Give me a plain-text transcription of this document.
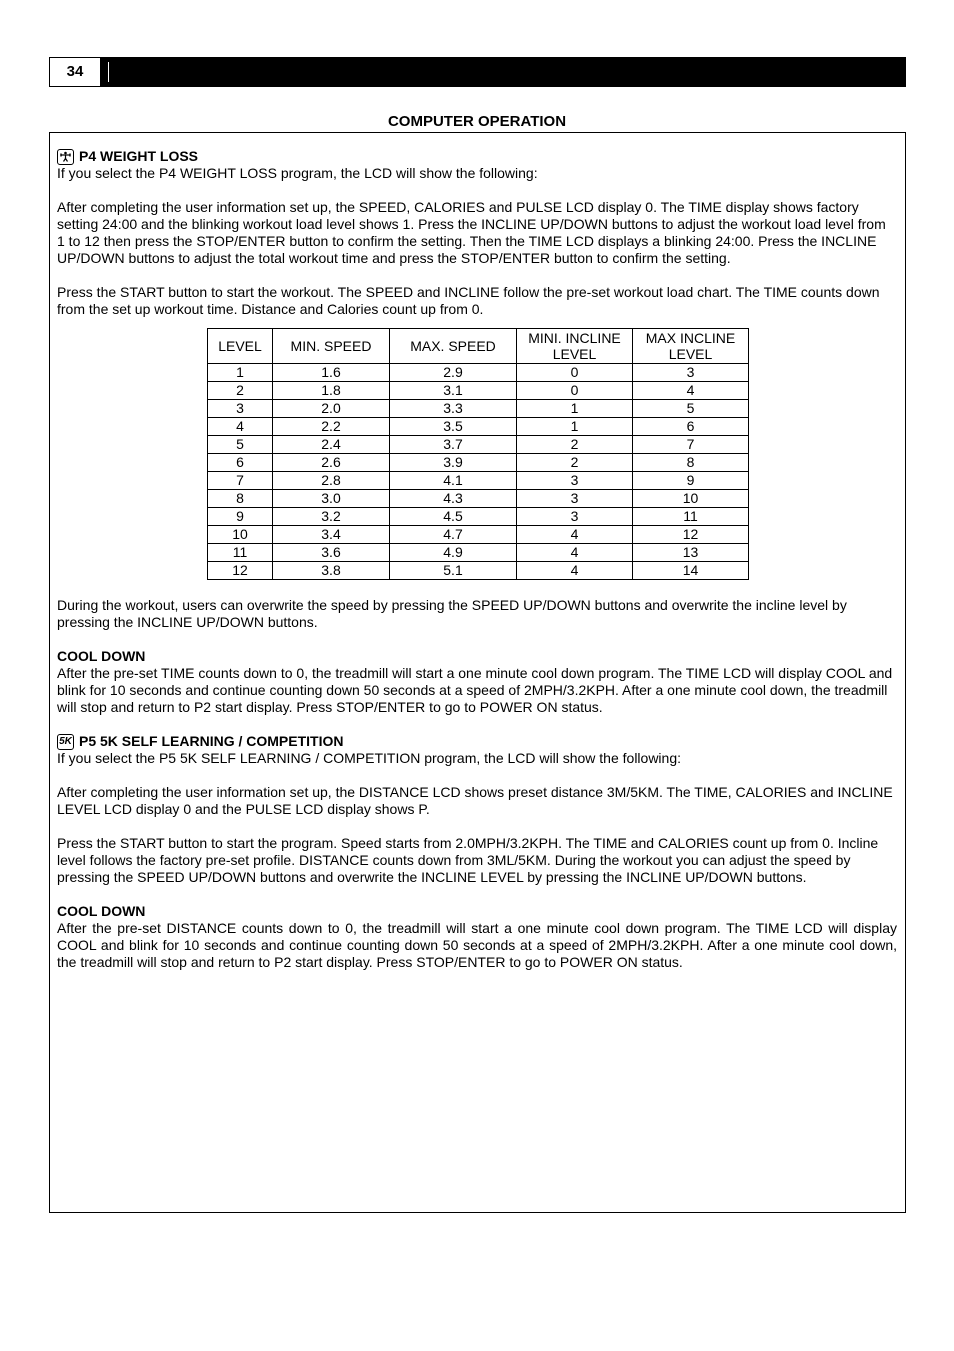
34
COMPUTER OPERATION
P4 WEIGHT LOSS

If you select the P4 WEIGHT LOSS program, the LCD will show the following:

After completing the user information set up, the SPEED, CALORIES and PULSE LCD display 0. The TIME display shows factory setting 24:00 and the blinking workout load level shows 1. Press the INCLINE UP/DOWN buttons to adjust the workout load level from 1 to 12 then press the STOP/ENTER button to confirm the setting. Then the TIME LCD displays a blinking 24:00. Press the INCLINE UP/DOWN buttons to adjust the total workout time and press the STOP/ENTER button to confirm the setting.

Press the START button to start the workout. The SPEED and INCLINE follow the pre-set workout load chart. The TIME counts down from the set up workout time. Distance and Calories count up from 0.

LEVEL	MIN. SPEED	MAX. SPEED	MINI. INCLINE LEVEL	MAX INCLINE LEVEL
1	1.6	2.9	0	3
2	1.8	3.1	0	4
3	2.0	3.3	1	5
4	2.2	3.5	1	6
5	2.4	3.7	2	7
6	2.6	3.9	2	8
7	2.8	4.1	3	9
8	3.0	4.3	3	10
9	3.2	4.5	3	11
10	3.4	4.7	4	12
11	3.6	4.9	4	13
12	3.8	5.1	4	14

During the workout, users can overwrite the speed by pressing the SPEED UP/DOWN buttons and overwrite the incline level by pressing the INCLINE UP/DOWN buttons.

COOL DOWN

After the pre-set TIME counts down to 0, the treadmill will start a one minute cool down program. The TIME LCD will display COOL and blink for 10 seconds and continue counting down 50 seconds at a speed of 2MPH/3.2KPH. After a one minute cool down, the treadmill will stop and return to P2 start display. Press STOP/ENTER to go to POWER ON status.

5K P5 5K SELF LEARNING / COMPETITION

If you select the P5 5K SELF LEARNING / COMPETITION program, the LCD will show the following:

After completing the user information set up, the DISTANCE LCD shows preset distance 3M/5KM. The TIME, CALORIES and INCLINE LEVEL LCD display 0 and the PULSE LCD display shows P.

Press the START button to start the program. Speed starts from 2.0MPH/3.2KPH. The TIME and CALORIES count up from 0. Incline level follows the factory pre-set profile. DISTANCE counts down from 3ML/5KM. During the workout you can adjust the speed by pressing the SPEED UP/DOWN buttons and overwrite the INCLINE LEVEL by pressing the INCLINE UP/DOWN buttons.

COOL DOWN

After the pre-set DISTANCE counts down to 0, the treadmill will start a one minute cool down program. The TIME LCD will display COOL and blink for 10 seconds and continue counting down 50 seconds at a speed of 2MPH/3.2KPH. After a one minute cool down, the treadmill will stop and return to P2 start display. Press STOP/ENTER to go to POWER ON status.
